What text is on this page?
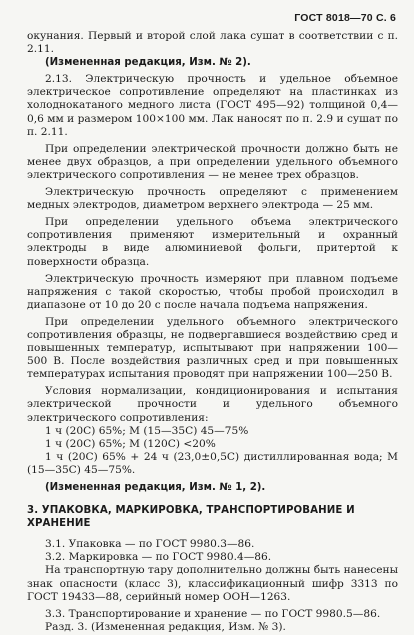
ГОСТ 8018—70 С. 6

окунания. Первый и второй слой лака сушат в соответствии с п. 2.11.

(Измененная редакция, Изм. № 2).

2.13. Электрическую прочность и удельное объемное электрическое сопротивление определяют на пластинках из холоднокатаного медного листа (ГОСТ 495—92) толщиной 0,4—0,6 мм и размером 100×100 мм. Лак наносят по п. 2.9 и сушат по п. 2.11.

При определении электрической прочности должно быть не менее двух образцов, а при определении удельного объемного электрического сопротивления — не менее трех образцов.

Электрическую прочность определяют с применением медных электродов, диаметром верхнего электрода — 25 мм.

При определении удельного объема электрического сопротивления применяют измерительный и охранный электроды в виде алюминиевой фольги, притертой к поверхности образца.

Электрическую прочность измеряют при плавном подъеме напряжения с такой скоростью, чтобы пробой происходил в диапазоне от 10 до 20 с после начала подъема напряжения.

При определении удельного объемного электрического сопротивления образцы, не подвергавшиеся воздействию сред и повышенных температур, испытывают при напряжении 100—500 В. После воздействия различных сред и при повышенных температурах испытания проводят при напряжении 100—250 В.

Условия нормализации, кондиционирования и испытания электрической прочности и удельного объемного электрического сопротивления:

1 ч (20С) 65%; М (15—35С) 45—75%

1 ч (20С) 65%; М (120С) <20%

1 ч (20С) 65% + 24 ч (23,0±0,5С) дистиллированная вода; М (15—35С) 45—75%.

(Измененная редакция, Изм. № 1, 2).

3. УПАКОВКА, МАРКИРОВКА, ТРАНСПОРТИРОВАНИЕ И ХРАНЕНИЕ

3.1. Упаковка — по ГОСТ 9980.3—86.

3.2. Маркировка — по ГОСТ 9980.4—86.

На транспортную тару дополнительно должны быть нанесены знак опасности (класс 3), классификационный шифр 3313 по ГОСТ 19433—88, серийный номер ООН—1263.

3.3. Транспортирование и хранение — по ГОСТ 9980.5—86.

Разд. 3. (Измененная редакция, Изм. № 3).
